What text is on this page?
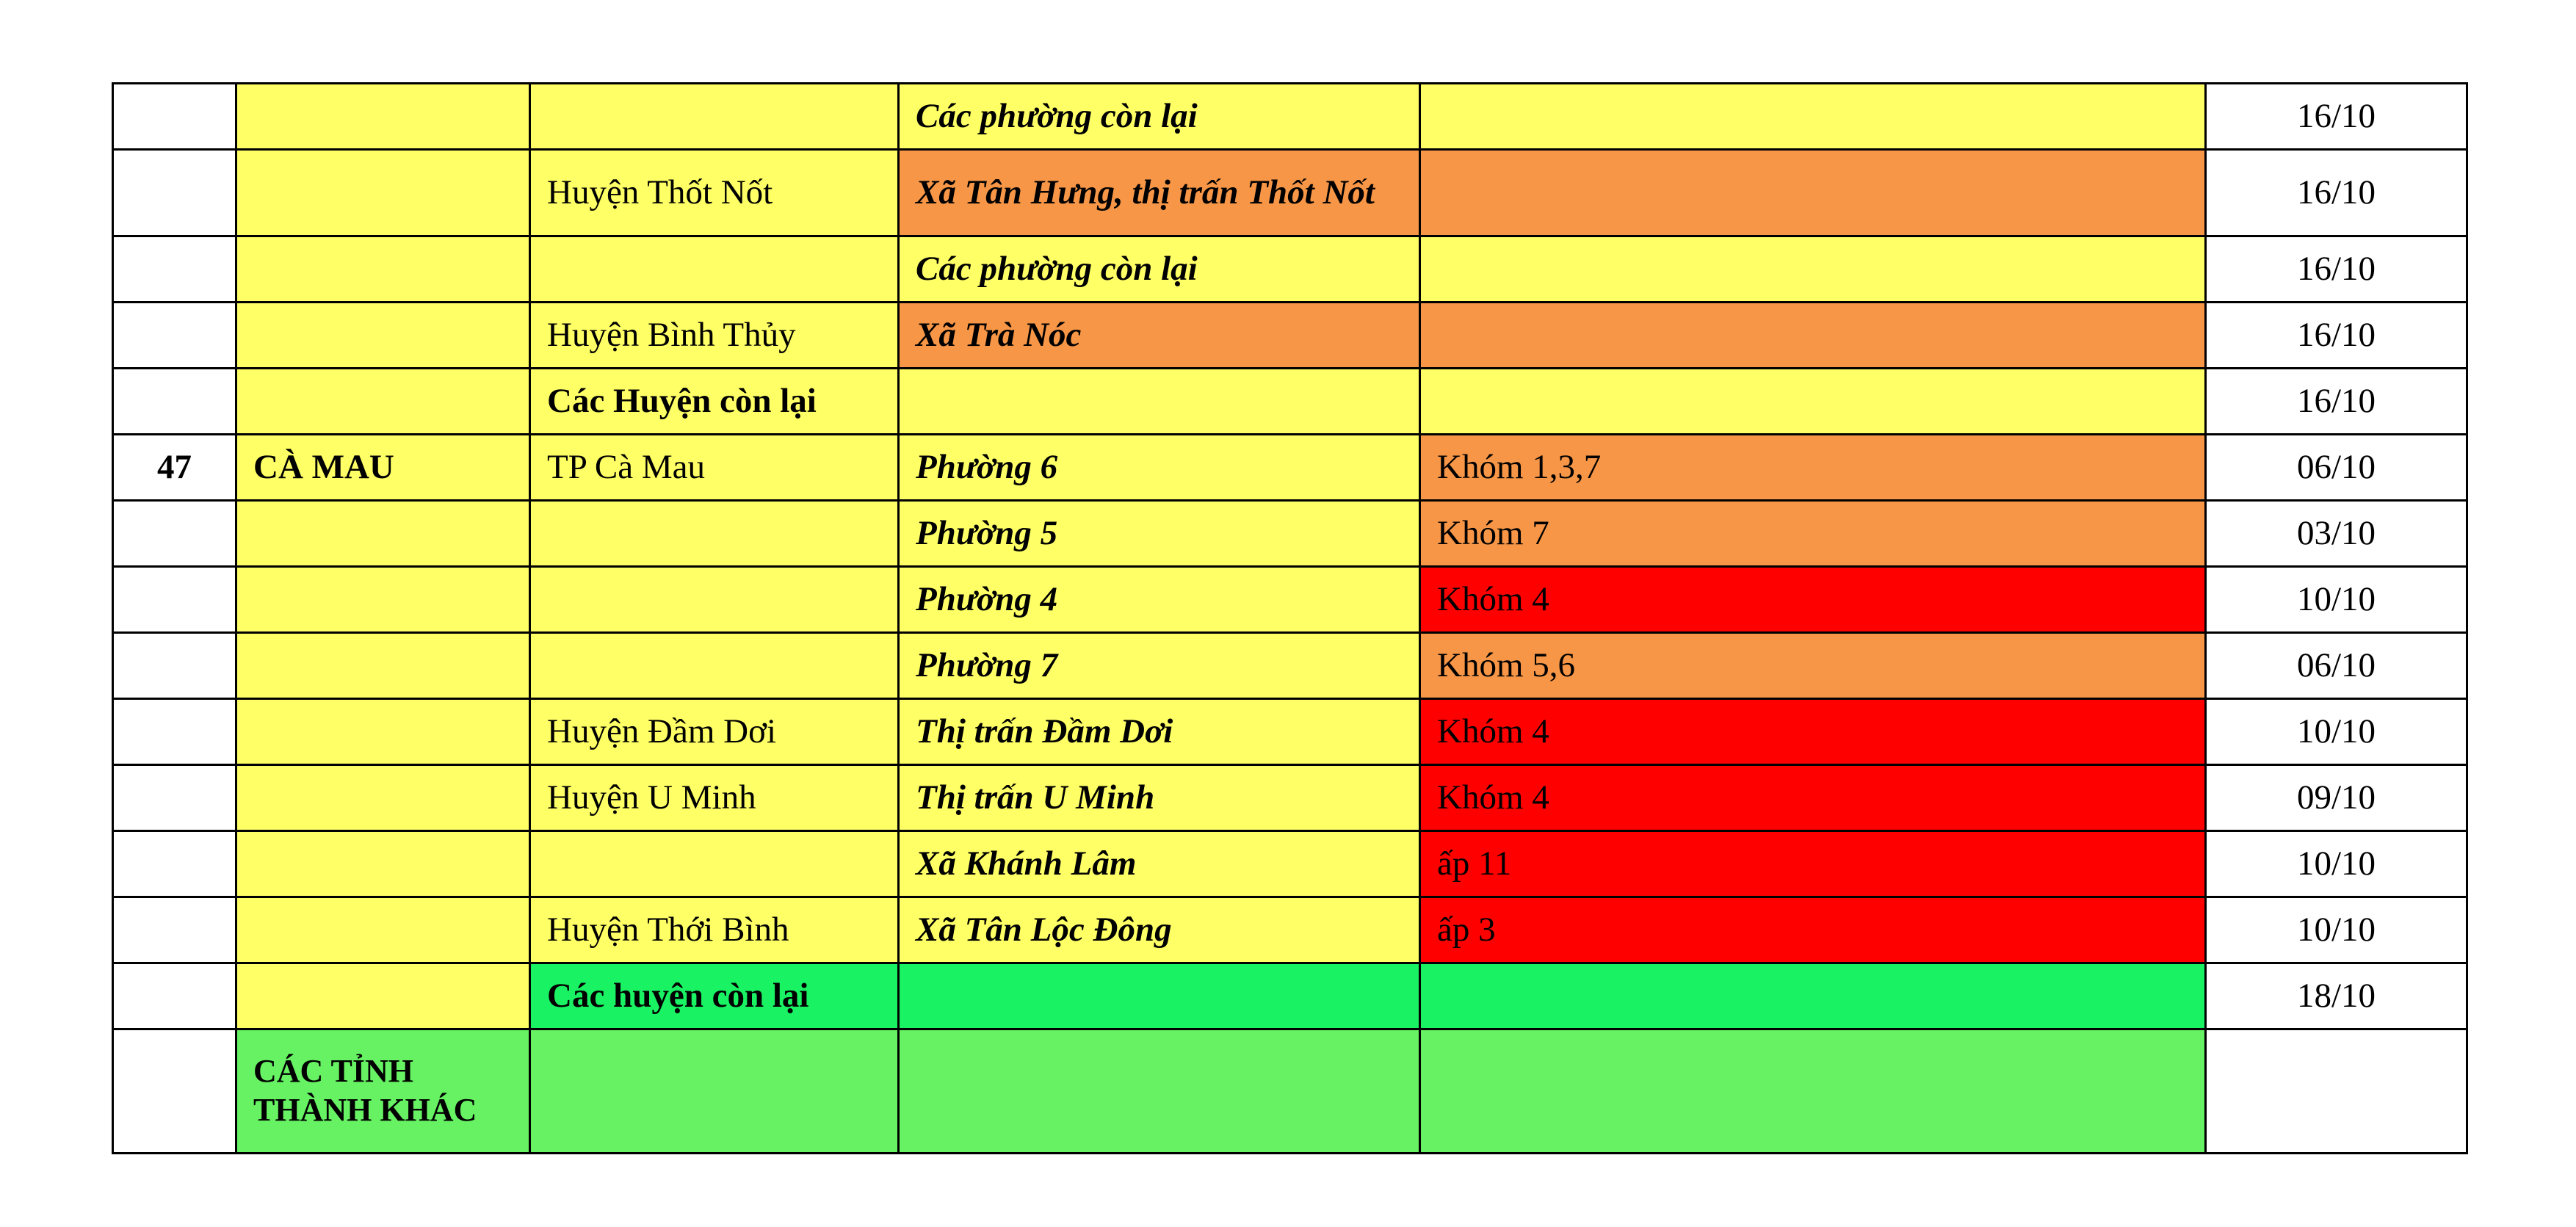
			Các phường còn lại		16/10
		Huyện Thốt Nốt	Xã Tân Hưng, thị trấn Thốt Nốt		16/10
			Các phường còn lại		16/10
		Huyện Bình Thủy	Xã Trà Nóc		16/10
		Các Huyện còn lại			16/10
47	CÀ MAU	TP Cà Mau	Phường 6	Khóm 1,3,7	06/10
			Phường 5	Khóm 7	03/10
			Phường 4	Khóm 4	10/10
			Phường 7	Khóm 5,6	06/10
		Huyện Đầm Dơi	Thị trấn Đầm Dơi	Khóm 4	10/10
		Huyện U Minh	Thị trấn U Minh	Khóm 4	09/10
			Xã Khánh Lâm	ấp 11	10/10
		Huyện Thới Bình	Xã Tân Lộc Đông	ấp 3	10/10
		Các huyện còn lại			18/10
	CÁC TỈNH THÀNH KHÁC				
